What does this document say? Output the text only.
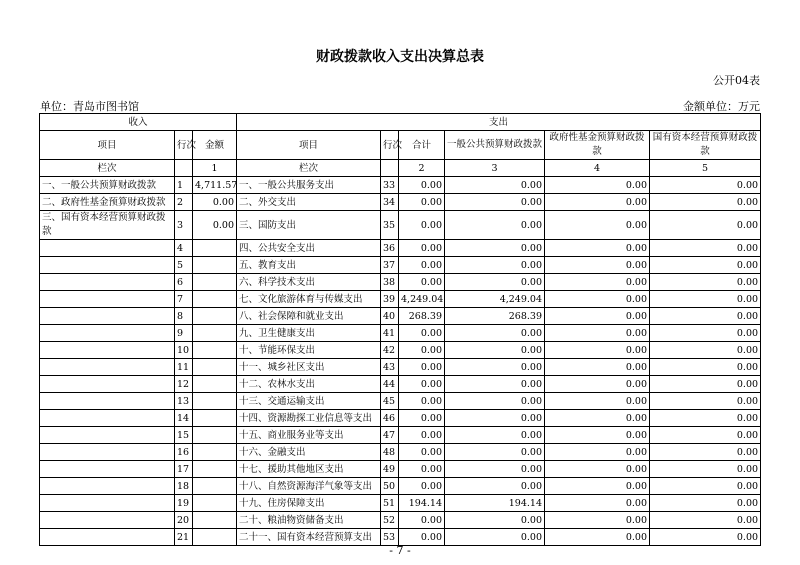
财政拨款收入支出决算总表
公开04表
单位：青岛市图书馆	金额单位：万元
收入			支出					
项目	行次	金额	项目	行次	合计	一般公共预算财政拨款	政府性基金预算财政拨款	国有资本经营预算财政拨款
栏次		1	栏次		2	3	4	5
一、一般公共预算财政拨款	1	4,711.57	一、一般公共服务支出	33	0.00	0.00	0.00	0.00
二、政府性基金预算财政拨款	2	0.00	二、外交支出	34	0.00	0.00	0.00	0.00
三、国有资本经营预算财政拨款	3	0.00	三、国防支出	35	0.00	0.00	0.00	0.00
	4		四、公共安全支出	36	0.00	0.00	0.00	0.00
	5		五、教育支出	37	0.00	0.00	0.00	0.00
	6		六、科学技术支出	38	0.00	0.00	0.00	0.00
	7		七、文化旅游体育与传媒支出	39	4,249.04	4,249.04	0.00	0.00
	8		八、社会保障和就业支出	40	268.39	268.39	0.00	0.00
	9		九、卫生健康支出	41	0.00	0.00	0.00	0.00
	10		十、节能环保支出	42	0.00	0.00	0.00	0.00
	11		十一、城乡社区支出	43	0.00	0.00	0.00	0.00
	12		十二、农林水支出	44	0.00	0.00	0.00	0.00
	13		十三、交通运输支出	45	0.00	0.00	0.00	0.00
	14		十四、资源勘探工业信息等支出	46	0.00	0.00	0.00	0.00
	15		十五、商业服务业等支出	47	0.00	0.00	0.00	0.00
	16		十六、金融支出	48	0.00	0.00	0.00	0.00
	17		十七、援助其他地区支出	49	0.00	0.00	0.00	0.00
	18		十八、自然资源海洋气象等支出	50	0.00	0.00	0.00	0.00
	19		十九、住房保障支出	51	194.14	194.14	0.00	0.00
	20		二十、粮油物资储备支出	52	0.00	0.00	0.00	0.00
	21		二十一、国有资本经营预算支出	53	0.00	0.00	0.00	0.00
- 7 -
